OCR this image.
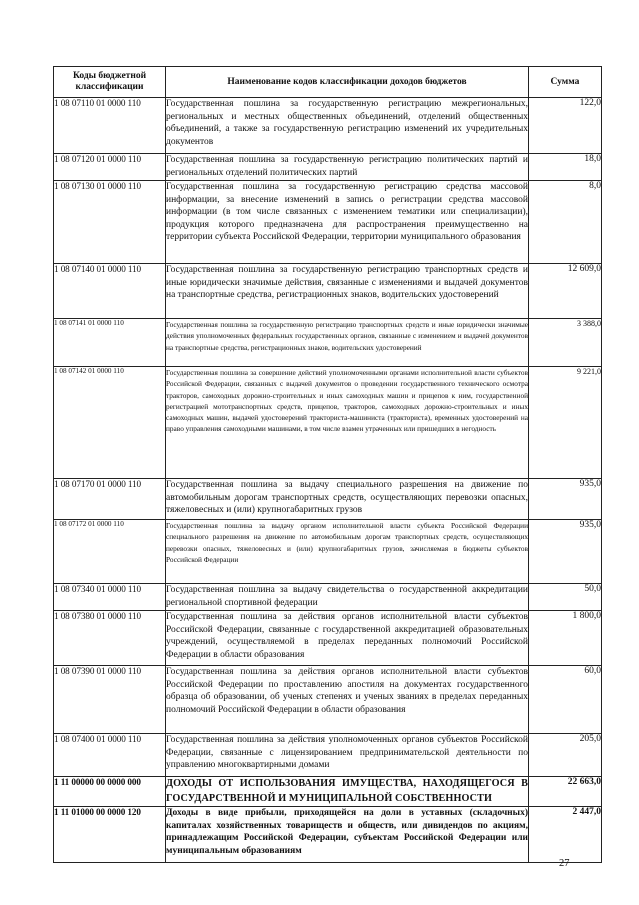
Коды бюджетной классификации	Наименование кодов классификации доходов бюджетов	Сумма
1 08 07110 01 0000 110	Государственная пошлина за государственную регистрацию межрегиональных, региональных и местных общественных объединений, отделений общественных объединений, а также за государственную регистрацию изменений их учредительных документов	122,0
1 08 07120 01 0000 110	Государственная пошлина за государственную регистрацию политических партий и региональных отделений политических партий	18,0
1 08 07130 01 0000 110	Государственная пошлина за государственную регистрацию средства массовой информации, за внесение изменений в запись о регистрации средства массовой информации (в том числе связанных с изменением тематики или специализации), продукция которого предназначена для распространения преимущественно на территории субъекта Российской Федерации, территории муниципального образования	8,0
1 08 07140 01 0000 110	Государственная пошлина за государственную регистрацию транспортных средств и иные юридически значимые действия, связанные с изменениями и выдачей документов на транспортные средства, регистрационных знаков, водительских удостоверений	12 609,0
1 08 07141 01 0000 110	Государственная пошлина за государственную регистрацию транспортных средств и иные юридически значимые действия уполномоченных федеральных государственных органов, связанные с изменением и выдачей документов на транспортные средства, регистрационных знаков, водительских удостоверений	3 388,0
1 08 07142 01 0000 110	Государственная пошлина за совершение действий уполномоченными органами исполнительной власти субъектов Российской Федерации, связанных с выдачей документов о проведении государственного технического осмотра тракторов, самоходных дорожно-строительных и иных самоходных машин и прицепов к ним, государственной регистрацией мототранспортных средств, прицепов, тракторов, самоходных дорожно-строительных и иных самоходных машин, выдачей удостоверений тракториста-машиниста (тракториста), временных удостоверений на право управления самоходными машинами, в том числе взамен утраченных или пришедших в негодность	9 221,0
1 08 07170 01 0000 110	Государственная пошлина за выдачу специального разрешения на движение по автомобильным дорогам транспортных средств, осуществляющих перевозки опасных, тяжеловесных и (или) крупногабаритных грузов	935,0
1 08 07172 01 0000 110	Государственная пошлина за выдачу органом исполнительной власти субъекта Российской Федерации специального разрешения на движение по автомобильным дорогам транспортных средств, осуществляющих перевозки опасных, тяжеловесных и (или) крупногабаритных грузов, зачисляемая в бюджеты субъектов Российской Федерации	935,0
1 08 07340 01 0000 110	Государственная пошлина за выдачу свидетельства о государственной аккредитации региональной спортивной федерации	50,0
1 08 07380 01 0000 110	Государственная пошлина за действия органов исполнительной власти субъектов Российской Федерации, связанные с государственной аккредитацией образовательных учреждений, осуществляемой в пределах переданных полномочий Российской Федерации в области образования	1 800,0
1 08 07390 01 0000 110	Государственная пошлина за действия органов исполнительной власти субъектов Российской Федерации по проставлению апостиля на документах государственного образца об образовании, об ученых степенях и ученых званиях в пределах переданных полномочий Российской Федерации в области образования	60,0
1 08 07400 01 0000 110	Государственная пошлина за действия уполномоченных органов субъектов Российской Федерации, связанные с лицензированием предпринимательской деятельности по управлению многоквартирными домами	205,0
1 11 00000 00 0000 000	ДОХОДЫ ОТ ИСПОЛЬЗОВАНИЯ ИМУЩЕСТВА, НАХОДЯЩЕГОСЯ В ГОСУДАРСТВЕННОЙ И МУНИЦИПАЛЬНОЙ СОБСТВЕННОСТИ	22 663,0
1 11 01000 00 0000 120	Доходы в виде прибыли, приходящейся на доли в уставных (складочных) капиталах хозяйственных товариществ и обществ, или дивидендов по акциям, принадлежащим Российской Федерации, субъектам Российской Федерации или муниципальным образованиям	2 447,0
27
